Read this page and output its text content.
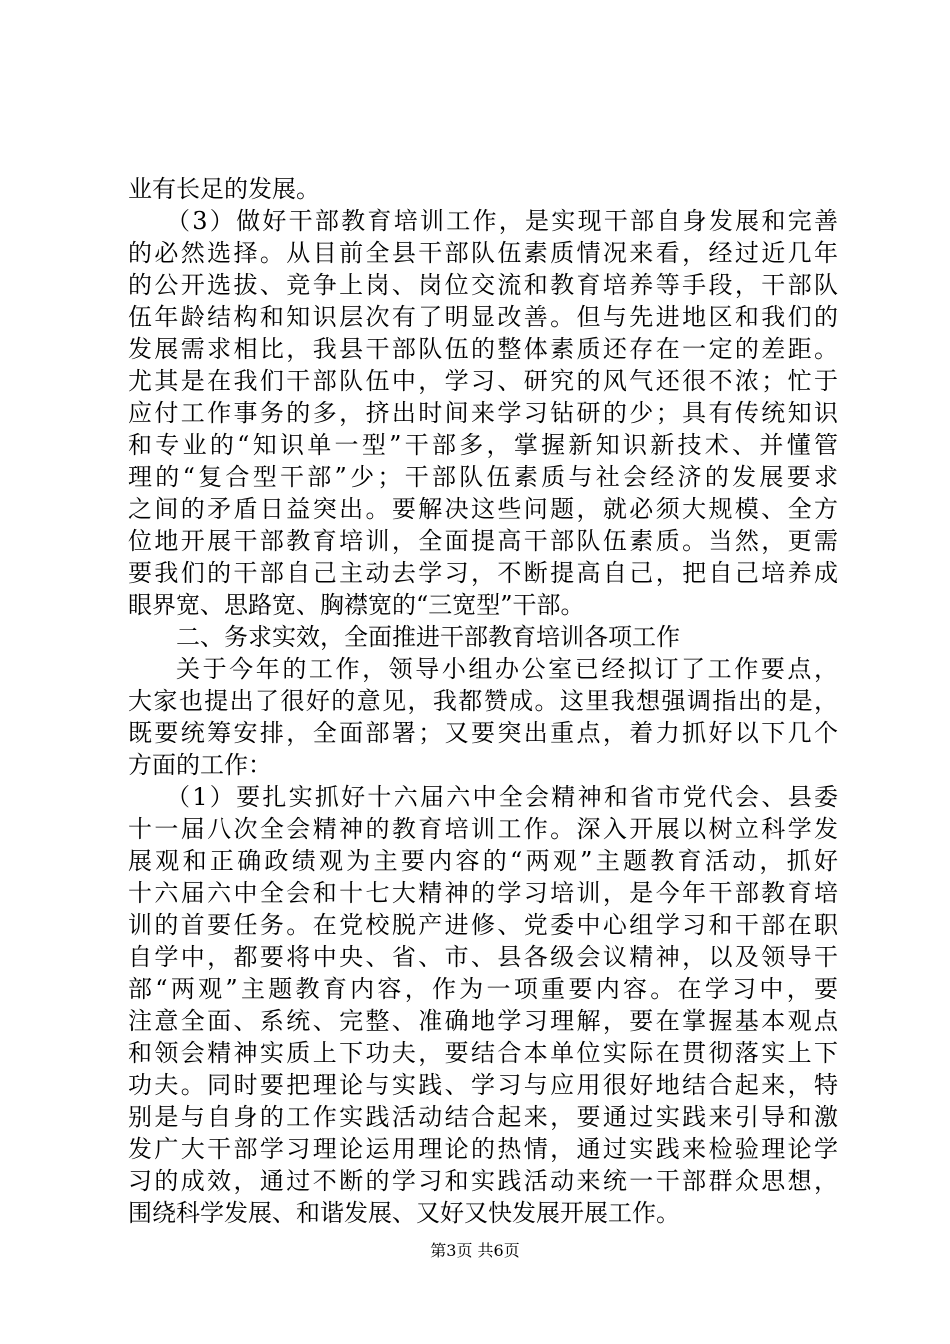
业有长足的发展。
（3）做好干部教育培训工作，是实现干部自身发展和完善
的必然选择。从目前全县干部队伍素质情况来看，经过近几年
的公开选拔、竞争上岗、岗位交流和教育培养等手段，干部队
伍年龄结构和知识层次有了明显改善。但与先进地区和我们的
发展需求相比，我县干部队伍的整体素质还存在一定的差距。
尤其是在我们干部队伍中，学习、研究的风气还很不浓；忙于
应付工作事务的多，挤出时间来学习钻研的少；具有传统知识
和专业的“知识单一型”干部多，掌握新知识新技术、并懂管
理的“复合型干部”少；干部队伍素质与社会经济的发展要求
之间的矛盾日益突出。要解决这些问题，就必须大规模、全方
位地开展干部教育培训，全面提高干部队伍素质。当然，更需
要我们的干部自己主动去学习，不断提高自己，把自己培养成
眼界宽、思路宽、胸襟宽的“三宽型”干部。
二、务求实效，全面推进干部教育培训各项工作
关于今年的工作，领导小组办公室已经拟订了工作要点，
大家也提出了很好的意见，我都赞成。这里我想强调指出的是，
既要统筹安排，全面部署；又要突出重点，着力抓好以下几个
方面的工作：
（1）要扎实抓好十六届六中全会精神和省市党代会、县委
十一届八次全会精神的教育培训工作。深入开展以树立科学发
展观和正确政绩观为主要内容的“两观”主题教育活动，抓好
十六届六中全会和十七大精神的学习培训，是今年干部教育培
训的首要任务。在党校脱产进修、党委中心组学习和干部在职
自学中，都要将中央、省、市、县各级会议精神，以及领导干
部“两观”主题教育内容，作为一项重要内容。在学习中，要
注意全面、系统、完整、准确地学习理解，要在掌握基本观点
和领会精神实质上下功夫，要结合本单位实际在贯彻落实上下
功夫。同时要把理论与实践、学习与应用很好地结合起来，特
别是与自身的工作实践活动结合起来，要通过实践来引导和激
发广大干部学习理论运用理论的热情，通过实践来检验理论学
习的成效，通过不断的学习和实践活动来统一干部群众思想，
围绕科学发展、和谐发展、又好又快发展开展工作。
第3页 共6页
